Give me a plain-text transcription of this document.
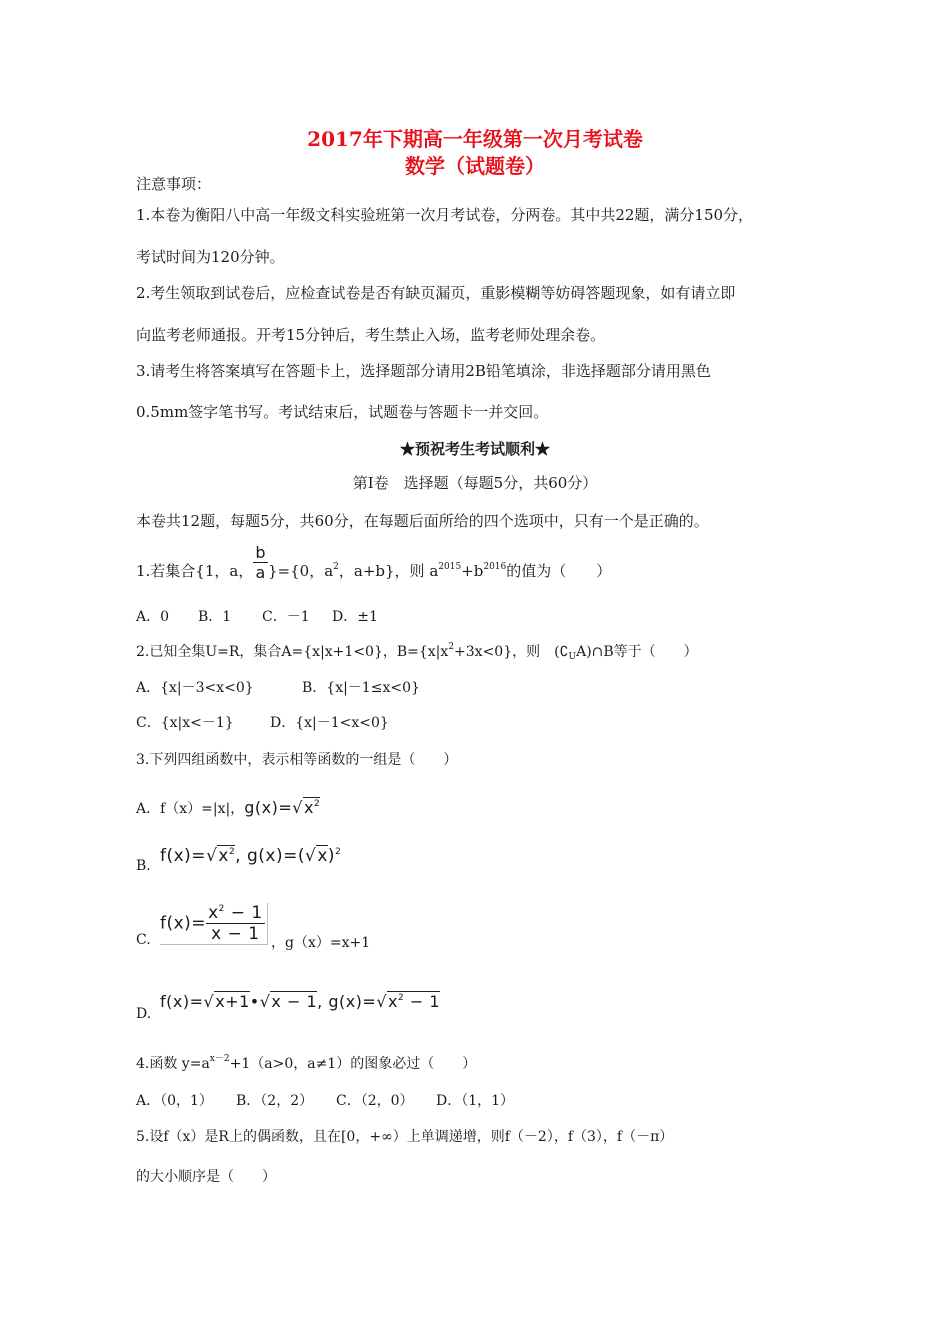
2017年下期高一年级第一次月考试卷
数学（试题卷）
注意事项：
1.本卷为衡阳八中高一年级文科实验班第一次月考试卷，分两卷。其中共22题，满分150分，
考试时间为120分钟。
2.考生领取到试卷后，应检查试卷是否有缺页漏页，重影模糊等妨碍答题现象，如有请立即
向监考老师通报。开考15分钟后，考生禁止入场，监考老师处理余卷。
3.请考生将答案填写在答题卡上，选择题部分请用2B铅笔填涂，非选择题部分请用黑色
0.5mm签字笔书写。考试结束后，试题卷与答题卡一并交回。
★预祝考生考试顺利★
第Ⅰ卷　选择题（每题5分，共60分）
本卷共12题，每题5分，共60分，在每题后面所给的四个选项中，只有一个是正确的。
1.若集合{1，a， $\frac{b}{a} \}=\{0$，$a^2$，a+b}，则 $a^{2015}+b^{2016}$的值为（　　）
A．0 B．1 C．－1 D．±1
2.已知全集U=R，集合A={x|x+1<0}，$B=\{x|x^2+3x<0\}$，则　$(∁_UA)\cap B$等于（　　）
A．{x|－3<x<0}	B．{x|－1≤x<0}
C．{x|x<－1}	D．{x|－1<x<0}
3.下列四组函数中，表示相等函数的一组是（　　）
A．f（x）=|x|，$g(x)=√x^2$
B. $f(x)=√x^2$, $g(x)=(√x)^2$
C.
$f(x)= \frac{x^2 - 1}{x - 1}$ ，g（x）=x+1
D.
f(x)=√x+1•√x − 1, $g(x)=√x^2 - 1$
4.函数 $y=a^{x-2}+1(a>0$，a≠1）的图象必过（　　）
A．（0，1） B．（2，2） C．（2，0） D．（1，1）
5.设f（x）是R上的偶函数，且在[0，+∞）上单调递增，则f（－2），f（3），f（－π）
的大小顺序是（　　）
